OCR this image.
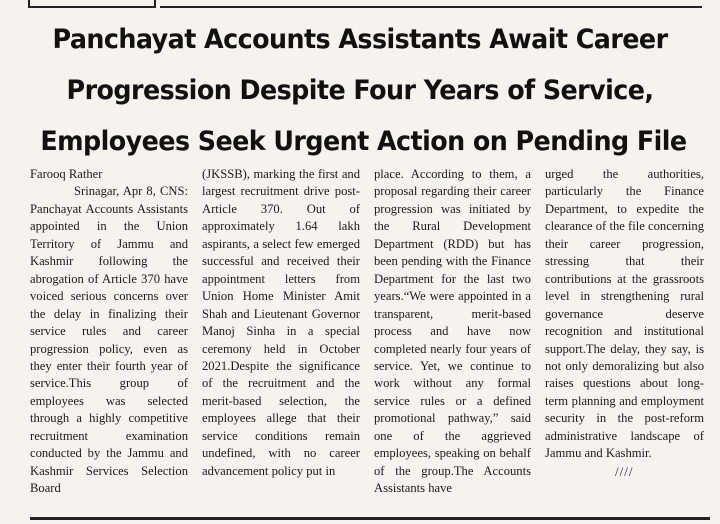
Panchayat Accounts Assistants Await Career
Progression Despite Four Years of Service,
Employees Seek Urgent Action on Pending File
Farooq Rather

Srinagar, Apr 8, CNS: Panchayat Accounts Assistants appointed in the Union Territory of Jammu and Kashmir following the abrogation of Article 370 have voiced serious concerns over the delay in finalizing their service rules and career progression policy, even as they enter their fourth year of service.This group of employees was selected through a highly competitive recruitment examination conducted by the Jammu and Kashmir Services Selection Board

(JKSSB), marking the first and largest recruitment drive post-Article 370. Out of approximately 1.64 lakh aspirants, a select few emerged successful and received their appointment letters from Union Home Minister Amit Shah and Lieutenant Governor Manoj Sinha in a special ceremony held in October 2021.Despite the significance of the recruitment and the merit-based selection, the employees allege that their service conditions remain undefined, with no career advancement policy put in

place. According to them, a proposal regarding their career progression was initiated by the Rural Development Department (RDD) but has been pending with the Finance Department for the last two years.“We were appointed in a transparent, merit-based process and have now completed nearly four years of service. Yet, we continue to work without any formal service rules or a defined promotional pathway,” said one of the aggrieved employees, speaking on behalf of the group.The Accounts Assistants have

urged the authorities, particularly the Finance Department, to expedite the clearance of the file concerning their career progression, stressing that their contributions at the grassroots level in strengthening rural governance deserve recognition and institutional support.The delay, they say, is not only demoralizing but also raises questions about long-term planning and employment security in the post-reform administrative landscape of Jammu and Kashmir.

////
